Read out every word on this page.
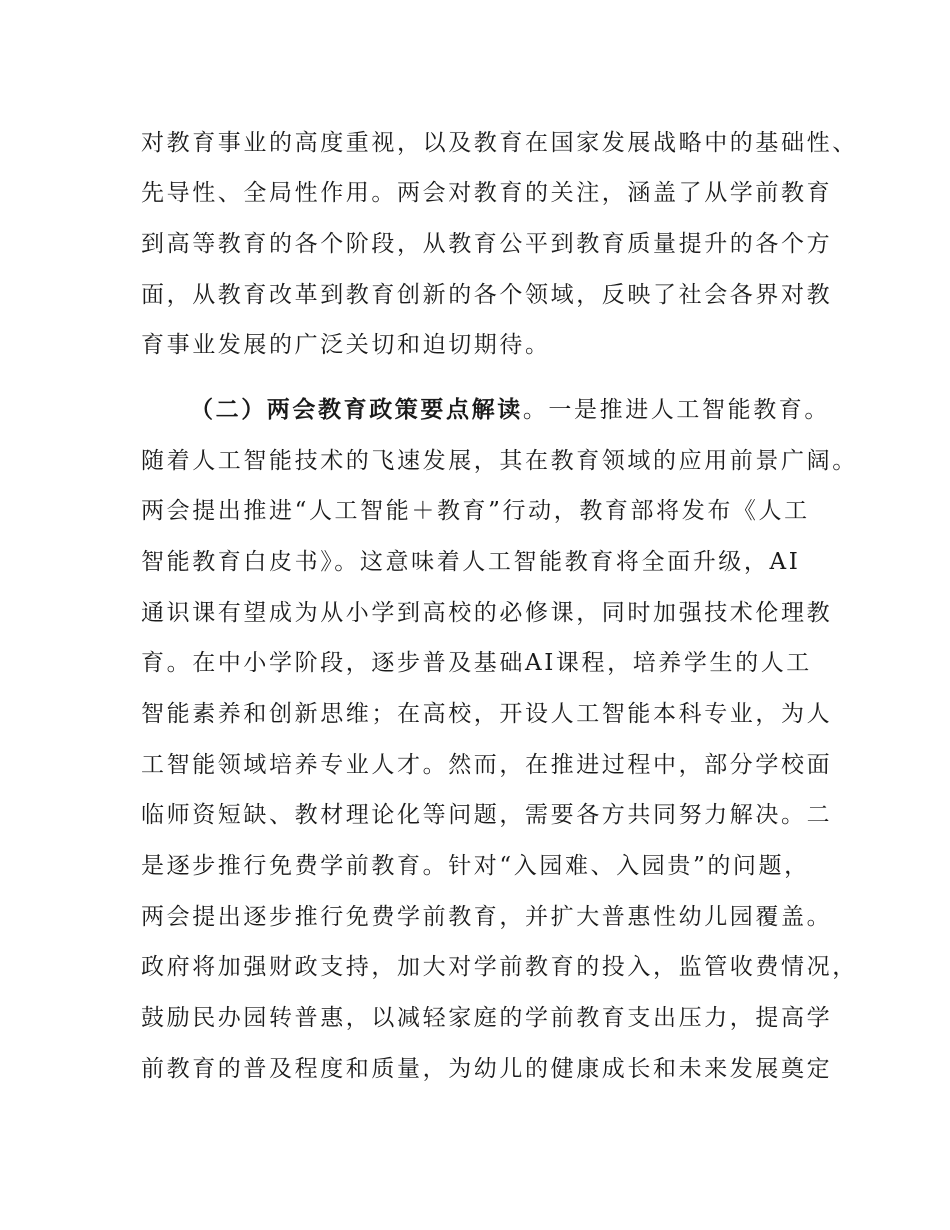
对教育事业的高度重视，以及教育在国家发展战略中的基础性、
先导性、全局性作用。两会对教育的关注，涵盖了从学前教育
到高等教育的各个阶段，从教育公平到教育质量提升的各个方
面，从教育改革到教育创新的各个领域，反映了社会各界对教
育事业发展的广泛关切和迫切期待。
（二）两会教育政策要点解读。一是推进人工智能教育。
随着人工智能技术的飞速发展，其在教育领域的应用前景广阔。
两会提出推进“人工智能＋教育”行动，教育部将发布《人工
智能教育白皮书》。这意味着人工智能教育将全面升级，AI
通识课有望成为从小学到高校的必修课，同时加强技术伦理教
育。在中小学阶段，逐步普及基础AI课程，培养学生的人工
智能素养和创新思维；在高校，开设人工智能本科专业，为人
工智能领域培养专业人才。然而，在推进过程中，部分学校面
临师资短缺、教材理论化等问题，需要各方共同努力解决。二
是逐步推行免费学前教育。针对“入园难、入园贵”的问题，
两会提出逐步推行免费学前教育，并扩大普惠性幼儿园覆盖。
政府将加强财政支持，加大对学前教育的投入，监管收费情况，
鼓励民办园转普惠，以减轻家庭的学前教育支出压力，提高学
前教育的普及程度和质量，为幼儿的健康成长和未来发展奠定
